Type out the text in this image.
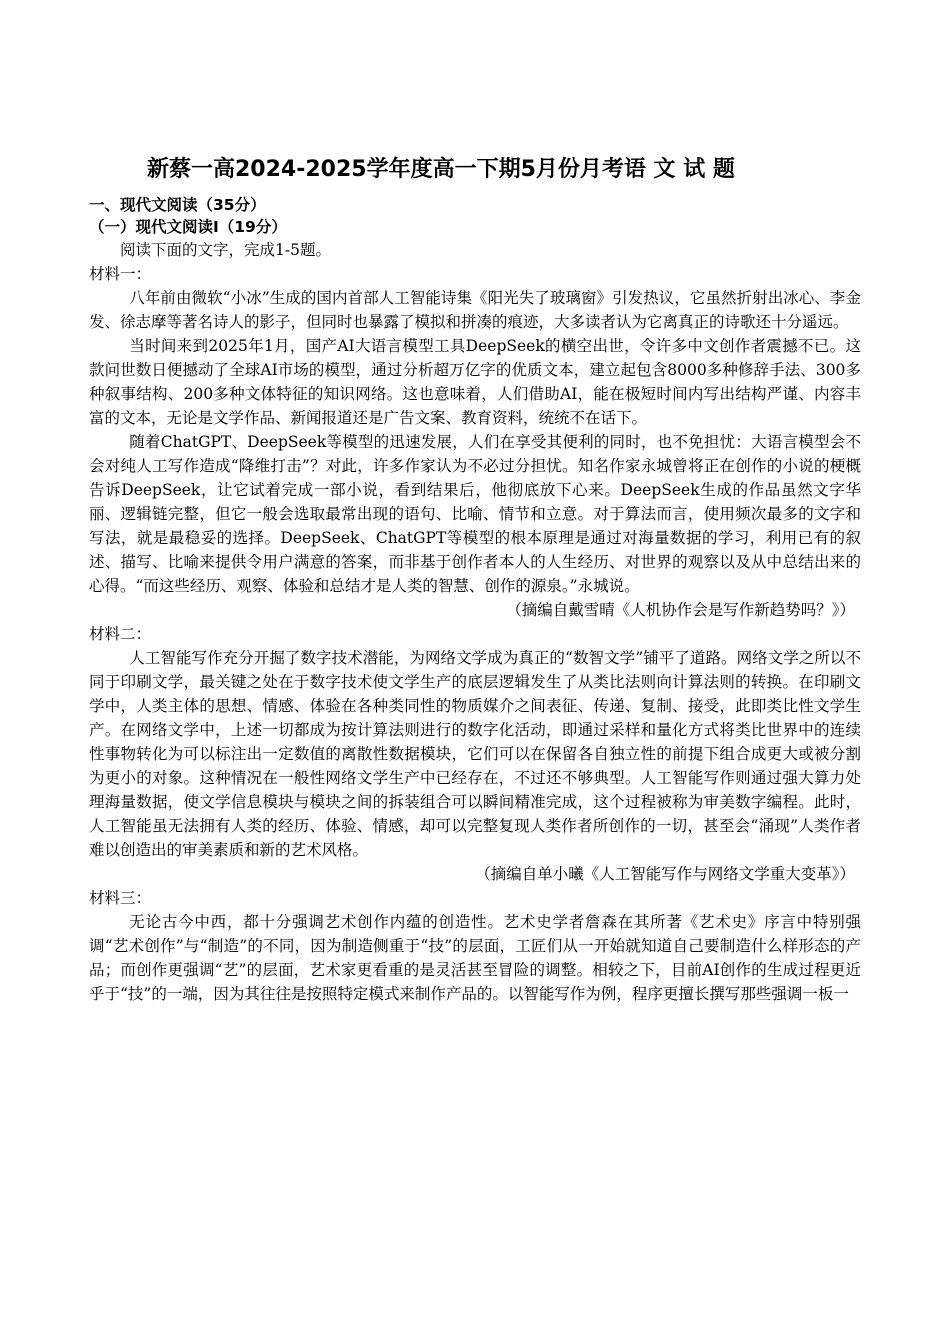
新蔡一高2024-2025学年度高一下期5月份月考语 文 试 题
一、现代文阅读（35分）
（一）现代文阅读Ⅰ（19分）

阅读下面的文字，完成1-5题。

材料一：

八年前由微软“小冰”生成的国内首部人工智能诗集《阳光失了玻璃窗》引发热议，它虽然折射出冰心、李金发、徐志摩等著名诗人的影子，但同时也暴露了模拟和拼凑的痕迹，大多读者认为它离真正的诗歌还十分遥远。

当时间来到2025年1月，国产AI大语言模型工具DeepSeek的横空出世，令许多中文创作者震撼不已。这款问世数日便撼动了全球AI市场的模型，通过分析超万亿字的优质文本，建立起包含8000多种修辞手法、300多种叙事结构、200多种文体特征的知识网络。这也意味着，人们借助AI，能在极短时间内写出结构严谨、内容丰富的文本，无论是文学作品、新闻报道还是广告文案、教育资料，统统不在话下。

随着ChatGPT、DeepSeek等模型的迅速发展，人们在享受其便利的同时，也不免担忧：大语言模型会不会对纯人工写作造成“降维打击”？对此，许多作家认为不必过分担忧。知名作家永城曾将正在创作的小说的梗概告诉DeepSeek，让它试着完成一部小说，看到结果后，他彻底放下心来。DeepSeek生成的作品虽然文字华丽、逻辑链完整，但它一般会选取最常出现的语句、比喻、情节和立意。对于算法而言，使用频次最多的文字和写法，就是最稳妥的选择。DeepSeek、ChatGPT等模型的根本原理是通过对海量数据的学习，利用已有的叙述、描写、比喻来提供令用户满意的答案，而非基于创作者本人的人生经历、对世界的观察以及从中总结出来的心得。“而这些经历、观察、体验和总结才是人类的智慧、创作的源泉。”永城说。

（摘编自戴雪晴《人机协作会是写作新趋势吗？》）
材料二：

人工智能写作充分开掘了数字技术潜能，为网络文学成为真正的“数智文学”铺平了道路。网络文学之所以不同于印刷文学，最关键之处在于数字技术使文学生产的底层逻辑发生了从类比法则向计算法则的转换。在印刷文学中，人类主体的思想、情感、体验在各种类同性的物质媒介之间表征、传递、复制、接受，此即类比性文学生产。在网络文学中，上述一切都成为按计算法则进行的数字化活动，即通过采样和量化方式将类比世界中的连续性事物转化为可以标注出一定数值的离散性数据模块，它们可以在保留各自独立性的前提下组合成更大或被分割为更小的对象。这种情况在一般性网络文学生产中已经存在，不过还不够典型。人工智能写作则通过强大算力处理海量数据，使文学信息模块与模块之间的拆装组合可以瞬间精准完成，这个过程被称为审美数字编程。此时，人工智能虽无法拥有人类的经历、体验、情感，却可以完整复现人类作者所创作的一切，甚至会“涌现”人类作者难以创造出的审美素质和新的艺术风格。

（摘编自单小曦《人工智能写作与网络文学重大变革》）
材料三：

无论古今中西，都十分强调艺术创作内蕴的创造性。艺术史学者詹森在其所著《艺术史》序言中特别强调“艺术创作”与“制造”的不同，因为制造侧重于“技”的层面，工匠们从一开始就知道自己要制造什么样形态的产品；而创作更强调“艺”的层面，艺术家更看重的是灵活甚至冒险的调整。相较之下，目前AI创作的生成过程更近乎于“技”的一端，因为其往往是按照特定模式来制作产品的。以智能写作为例，程序更擅长撰写那些强调一板一
